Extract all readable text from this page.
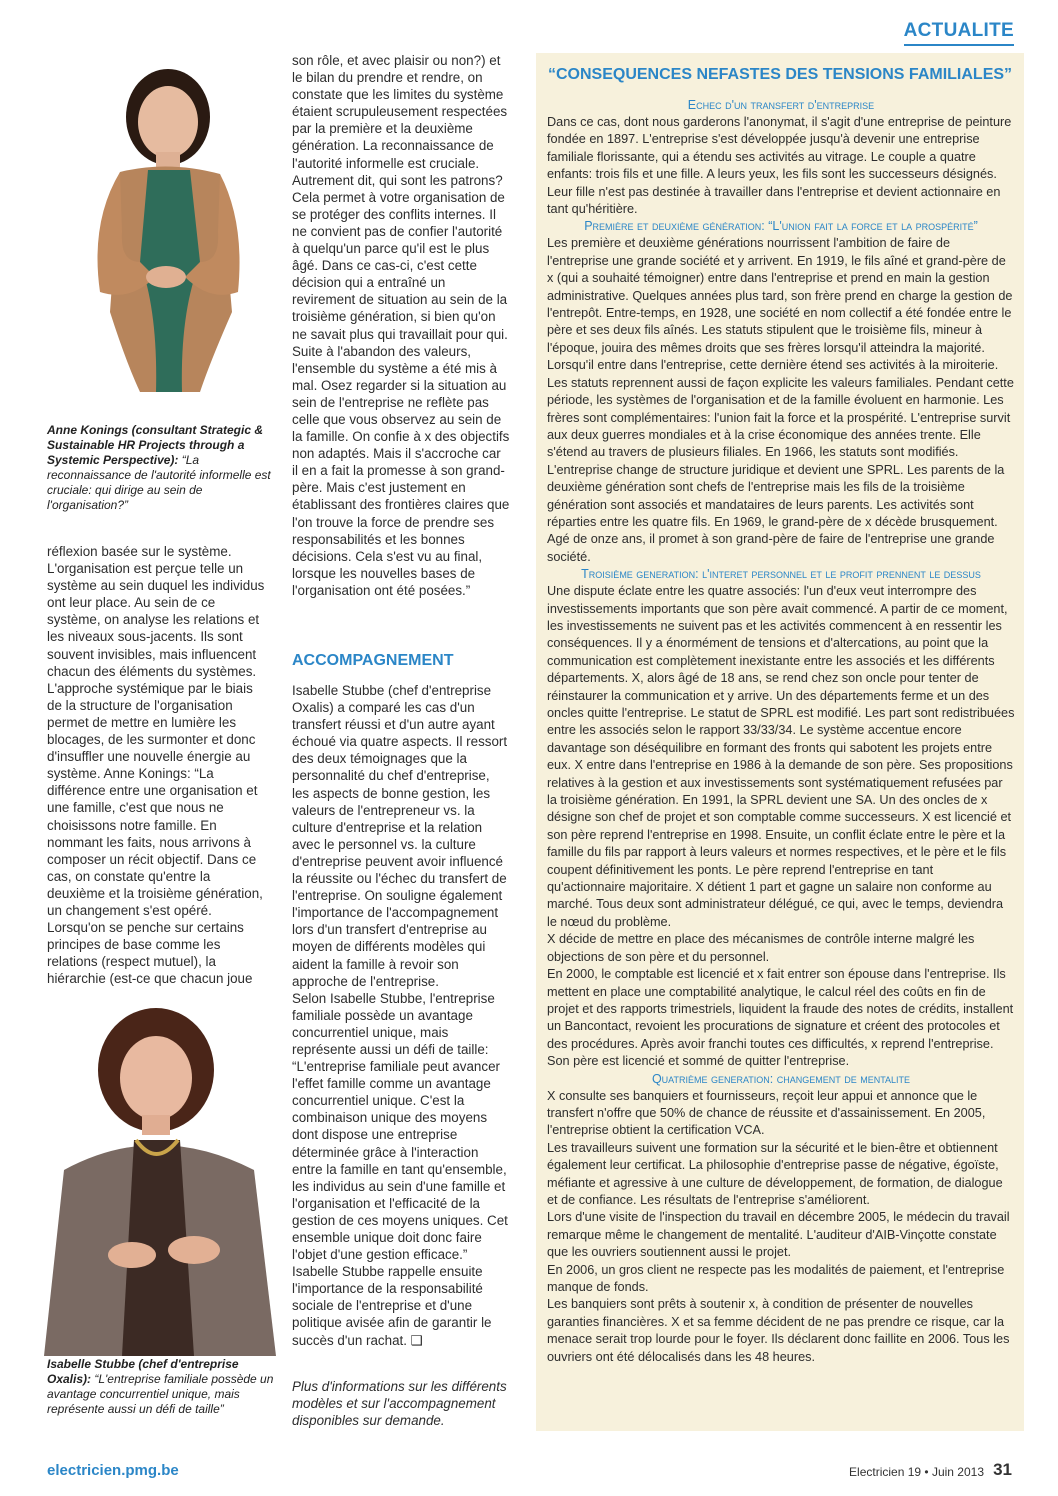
ACTUALITE
Anne Konings (consultant Strategic & Sustainable HR Projects through a Systemic Perspective): “La reconnaissance de l'autorité informelle est cruciale: qui dirige au sein de l'organisation?”

réflexion basée sur le système. L'organisation est perçue telle un système au sein duquel les individus ont leur place. Au sein de ce système, on analyse les relations et les niveaux sous-jacents. Ils sont souvent invisibles, mais influencent chacun des éléments du systèmes. L'approche systémique par le biais de la structure de l'organisation permet de mettre en lumière les blocages, de les surmonter et donc d'insuffler une nouvelle énergie au système. Anne Konings: “La différence entre une organisation et une famille, c'est que nous ne choisissons notre famille. En nommant les faits, nous arrivons à composer un récit objectif. Dans ce cas, on constate qu'entre la deuxième et la troisième génération, un changement s'est opéré. Lorsqu'on se penche sur certains principes de base comme les relations (respect mutuel), la hiérarchie (est-ce que chacun joue

Isabelle Stubbe (chef d'entreprise Oxalis): “L'entreprise familiale possède un avantage concurrentiel unique, mais représente aussi un défi de taille”

son rôle, et avec plaisir ou non?) et le bilan du prendre et rendre, on constate que les limites du système étaient scrupuleusement respectées par la première et la deuxième génération. La reconnaissance de l'autorité informelle est cruciale. Autrement dit, qui sont les patrons? Cela permet à votre organisation de se protéger des conflits internes. Il ne convient pas de confier l'autorité à quelqu'un parce qu'il est le plus âgé. Dans ce cas-ci, c'est cette décision qui a entraîné un revirement de situation au sein de la troisième génération, si bien qu'on ne savait plus qui travaillait pour qui. Suite à l'abandon des valeurs, l'ensemble du système a été mis à mal. Osez regarder si la situation au sein de l'entreprise ne reflète pas celle que vous observez au sein de la famille. On confie à x des objectifs non adaptés. Mais il s'accroche car il en a fait la promesse à son grand-père. Mais c'est justement en établissant des frontières claires que l'on trouve la force de prendre ses responsabilités et les bonnes décisions. Cela s'est vu au final, lorsque les nouvelles bases de l'organisation ont été posées.”

ACCOMPAGNEMENT

Isabelle Stubbe (chef d'entreprise Oxalis) a comparé les cas d'un transfert réussi et d'un autre ayant échoué via quatre aspects. Il ressort des deux témoignages que la personnalité du chef d'entreprise, les aspects de bonne gestion, les valeurs de l'entrepreneur vs. la culture d'entreprise et la relation avec le personnel vs. la culture d'entreprise peuvent avoir influencé la réussite ou l'échec du transfert de l'entreprise. On souligne également l'importance de l'accompagnement lors d'un transfert d'entreprise au moyen de différents modèles qui aident la famille à revoir son approche de l'entreprise.

Selon Isabelle Stubbe, l'entreprise familiale possède un avantage concurrentiel unique, mais représente aussi un défi de taille: “L'entreprise familiale peut avancer l'effet famille comme un avantage concurrentiel unique. C'est la combinaison unique des moyens dont dispose une entreprise déterminée grâce à l'interaction entre la famille en tant qu'ensemble, les individus au sein d'une famille et l'organisation et l'efficacité de la gestion de ces moyens uniques. Cet ensemble unique doit donc faire l'objet d'une gestion efficace.”

Isabelle Stubbe rappelle ensuite l'importance de la responsabilité sociale de l'entreprise et d'une politique avisée afin de garantir le succès d'un rachat. ❑

Plus d'informations sur les différents modèles et sur l'accompagnement disponibles sur demande.

“CONSEQUENCES NEFASTES DES TENSIONS FAMILIALES”
Echec d'un transfert d'entreprise

Dans ce cas, dont nous garderons l'anonymat, il s'agit d'une entreprise de peinture fondée en 1897. L'entreprise s'est développée jusqu'à devenir une entreprise familiale florissante, qui a étendu ses activités au vitrage. Le couple a quatre enfants: trois fils et une fille. A leurs yeux, les fils sont les successeurs désignés. Leur fille n'est pas destinée à travailler dans l'entreprise et devient actionnaire en tant qu'héritière.

Première et deuxième génération: “L'union fait la force et la prospérité”

Les première et deuxième générations nourrissent l'ambition de faire de l'entreprise une grande société et y arrivent. En 1919, le fils aîné et grand-père de x (qui a souhaité témoigner) entre dans l'entreprise et prend en main la gestion administrative. Quelques années plus tard, son frère prend en charge la gestion de l'entrepôt. Entre-temps, en 1928, une société en nom collectif a été fondée entre le père et ses deux fils aînés. Les statuts stipulent que le troisième fils, mineur à l'époque, jouira des mêmes droits que ses frères lorsqu'il atteindra la majorité. Lorsqu'il entre dans l'entreprise, cette dernière étend ses activités à la miroiterie. Les statuts reprennent aussi de façon explicite les valeurs familiales. Pendant cette période, les systèmes de l'organisation et de la famille évoluent en harmonie. Les frères sont complémentaires: l'union fait la force et la prospérité. L'entreprise survit aux deux guerres mondiales et à la crise économique des années trente. Elle s'étend au travers de plusieurs filiales. En 1966, les statuts sont modifiés. L'entreprise change de structure juridique et devient une SPRL. Les parents de la deuxième génération sont chefs de l'entreprise mais les fils de la troisième génération sont associés et mandataires de leurs parents. Les activités sont réparties entre les quatre fils. En 1969, le grand-père de x décède brusquement. Agé de onze ans, il promet à son grand-père de faire de l'entreprise une grande société.

Troisième generation: l'interet personnel et le profit prennent le dessus

Une dispute éclate entre les quatre associés: l'un d'eux veut interrompre des investissements importants que son père avait commencé. A partir de ce moment, les investissements ne suivent pas et les activités commencent à en ressentir les conséquences. Il y a énormément de tensions et d'altercations, au point que la communication est complètement inexistante entre les associés et les différents départements. X, alors âgé de 18 ans, se rend chez son oncle pour tenter de réinstaurer la communication et y arrive. Un des départements ferme et un des oncles quitte l'entreprise. Le statut de SPRL est modifié. Les part sont redistribuées entre les associés selon le rapport 33/33/34. Le système accentue encore davantage son déséquilibre en formant des fronts qui sabotent les projets entre eux. X entre dans l'entreprise en 1986 à la demande de son père. Ses propositions relatives à la gestion et aux investissements sont systématiquement refusées par la troisième génération. En 1991, la SPRL devient une SA. Un des oncles de x désigne son chef de projet et son comptable comme successeurs. X est licencié et son père reprend l'entreprise en 1998. Ensuite, un conflit éclate entre le père et la famille du fils par rapport à leurs valeurs et normes respectives, et le père et le fils coupent définitivement les ponts. Le père reprend l'entreprise en tant qu'actionnaire majoritaire. X détient 1 part et gagne un salaire non conforme au marché. Tous deux sont administrateur délégué, ce qui, avec le temps, deviendra le nœud du problème.

X décide de mettre en place des mécanismes de contrôle interne malgré les objections de son père et du personnel.

En 2000, le comptable est licencié et x fait entrer son épouse dans l'entreprise. Ils mettent en place une comptabilité analytique, le calcul réel des coûts en fin de projet et des rapports trimestriels, liquident la fraude des notes de crédits, installent un Bancontact, revoient les procurations de signature et créent des protocoles et des procédures. Après avoir franchi toutes ces difficultés, x reprend l'entreprise. Son père est licencié et sommé de quitter l'entreprise.

Quatrième generation: changement de mentalite

X consulte ses banquiers et fournisseurs, reçoit leur appui et annonce que le transfert n'offre que 50% de chance de réussite et d'assainissement. En 2005, l'entreprise obtient la certification VCA.

Les travailleurs suivent une formation sur la sécurité et le bien-être et obtiennent également leur certificat. La philosophie d'entreprise passe de négative, égoïste, méfiante et agressive à une culture de développement, de formation, de dialogue et de confiance. Les résultats de l'entreprise s'améliorent.

Lors d'une visite de l'inspection du travail en décembre 2005, le médecin du travail remarque même le changement de mentalité. L'auditeur d'AIB-Vinçotte constate que les ouvriers soutiennent aussi le projet.

En 2006, un gros client ne respecte pas les modalités de paiement, et l'entreprise manque de fonds.

Les banquiers sont prêts à soutenir x, à condition de présenter de nouvelles garanties financières. X et sa femme décident de ne pas prendre ce risque, car la menace serait trop lourde pour le foyer. Ils déclarent donc faillite en 2006. Tous les ouvriers ont été délocalisés dans les 48 heures.

electricien.pmg.be	Electricien 19 • Juin 2013 31
